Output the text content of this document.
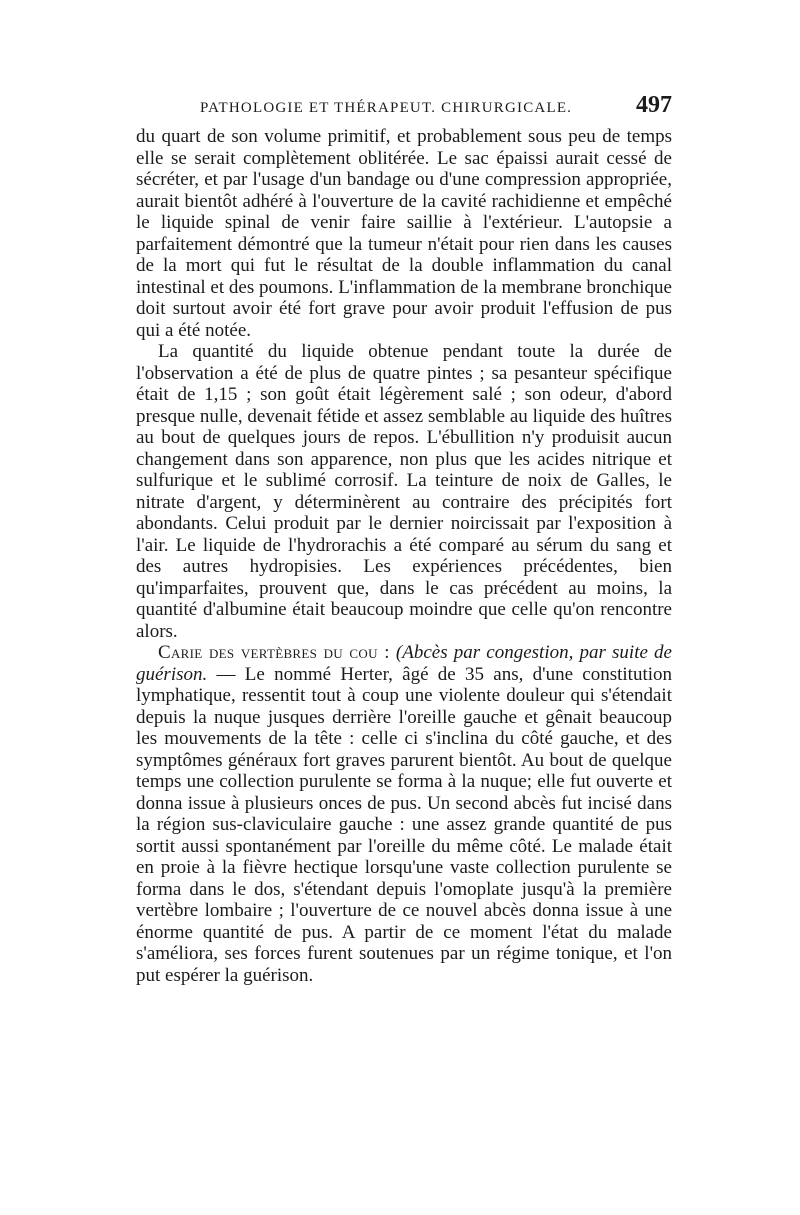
PATHOLOGIE ET THÉRAPEUT. CHIRURGICALE.	497

du quart de son volume primitif, et probablement sous peu de temps elle se serait complètement oblitérée. Le sac épaissi aurait cessé de sécréter, et par l'usage d'un bandage ou d'une compression appropriée, aurait bientôt adhéré à l'ouverture de la cavité rachidienne et empêché le liquide spinal de venir faire saillie à l'extérieur. L'autopsie a parfaitement démontré que la tumeur n'était pour rien dans les causes de la mort qui fut le résultat de la double inflammation du canal intestinal et des poumons. L'inflammation de la membrane bronchique doit surtout avoir été fort grave pour avoir produit l'effusion de pus qui a été notée.

La quantité du liquide obtenue pendant toute la durée de l'observation a été de plus de quatre pintes ; sa pesanteur spécifique était de 1,15 ; son goût était légèrement salé ; son odeur, d'abord presque nulle, devenait fétide et assez semblable au liquide des huîtres au bout de quelques jours de repos. L'ébullition n'y produisit aucun changement dans son apparence, non plus que les acides nitrique et sulfurique et le sublimé corrosif. La teinture de noix de Galles, le nitrate d'argent, y déterminèrent au contraire des précipités fort abondants. Celui produit par le dernier noircissait par l'exposition à l'air. Le liquide de l'hydrorachis a été comparé au sérum du sang et des autres hydropisies. Les expériences précédentes, bien qu'imparfaites, prouvent que, dans le cas précédent au moins, la quantité d'albumine était beaucoup moindre que celle qu'on rencontre alors.

Carie des vertèbres du cou : (Abcès par congestion, par suite de guérison. — Le nommé Herter, âgé de 35 ans, d'une constitution lymphatique, ressentit tout à coup une violente douleur qui s'étendait depuis la nuque jusques derrière l'oreille gauche et gênait beaucoup les mouvements de la tête : celle ci s'inclina du côté gauche, et des symptômes généraux fort graves parurent bientôt. Au bout de quelque temps une collection purulente se forma à la nuque; elle fut ouverte et donna issue à plusieurs onces de pus. Un second abcès fut incisé dans la région sus-claviculaire gauche : une assez grande quantité de pus sortit aussi spontanément par l'oreille du même côté. Le malade était en proie à la fièvre hectique lorsqu'une vaste collection purulente se forma dans le dos, s'étendant depuis l'omoplate jusqu'à la première vertèbre lombaire ; l'ouverture de ce nouvel abcès donna issue à une énorme quantité de pus. A partir de ce moment l'état du malade s'améliora, ses forces furent soutenues par un régime tonique, et l'on put espérer la guérison.
